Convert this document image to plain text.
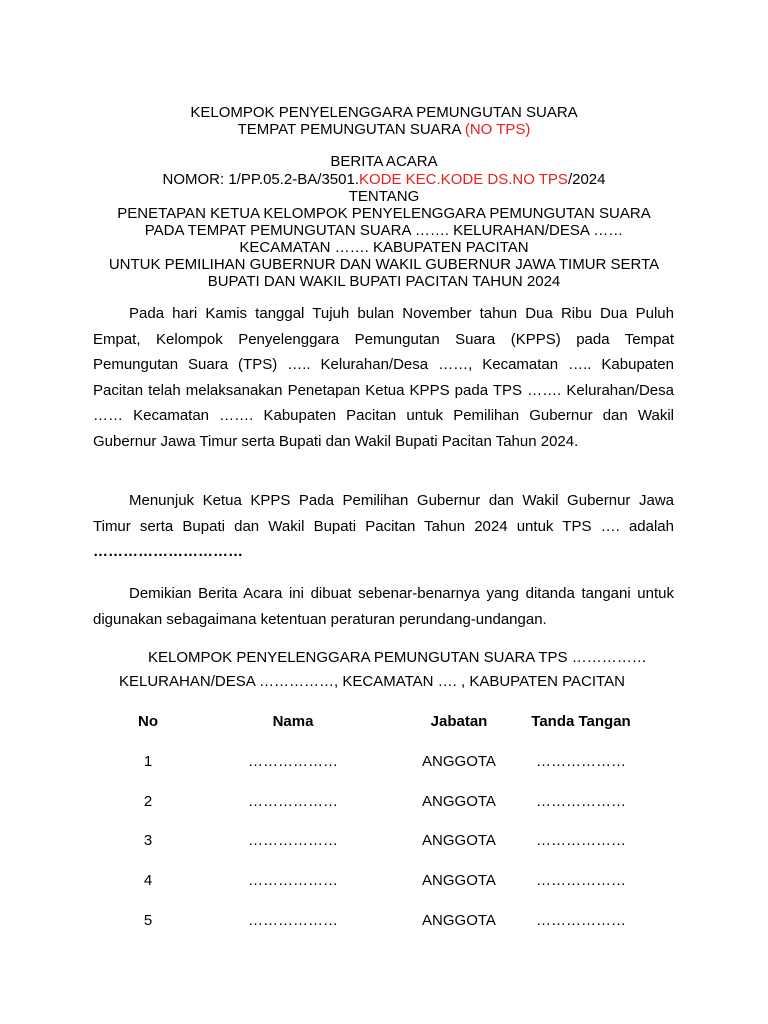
KELOMPOK PENYELENGGARA PEMUNGUTAN SUARA
TEMPAT PEMUNGUTAN SUARA (NO TPS)
BERITA ACARA
NOMOR: 1/PP.05.2-BA/3501.KODE KEC.KODE DS.NO TPS/2024
TENTANG
PENETAPAN KETUA KELOMPOK PENYELENGGARA PEMUNGUTAN SUARA
PADA TEMPAT PEMUNGUTAN SUARA ……. KELURAHAN/DESA ……
KECAMATAN ……. KABUPATEN PACITAN
UNTUK PEMILIHAN GUBERNUR DAN WAKIL GUBERNUR JAWA TIMUR SERTA
BUPATI DAN WAKIL BUPATI PACITAN TAHUN 2024
Pada hari Kamis tanggal Tujuh bulan November tahun Dua Ribu Dua Puluh Empat, Kelompok Penyelenggara Pemungutan Suara (KPPS) pada Tempat Pemungutan Suara (TPS) ….. Kelurahan/Desa ……, Kecamatan ….. Kabupaten Pacitan telah melaksanakan Penetapan Ketua KPPS pada TPS ……. Kelurahan/Desa …… Kecamatan ……. Kabupaten Pacitan untuk Pemilihan Gubernur dan Wakil Gubernur Jawa Timur serta Bupati dan Wakil Bupati Pacitan Tahun 2024.
Menunjuk Ketua KPPS Pada Pemilihan Gubernur dan Wakil Gubernur Jawa Timur serta Bupati dan Wakil Bupati Pacitan Tahun 2024 untuk TPS …. adalah
…………………………
Demikian Berita Acara ini dibuat sebenar-benarnya yang ditanda tangani untuk digunakan sebagaimana ketentuan peraturan perundang-undangan.
KELOMPOK PENYELENGGARA PEMUNGUTAN SUARA TPS ……………
KELURAHAN/DESA ……………, KECAMATAN …. , KABUPATEN PACITAN
No	Nama	Jabatan	Tanda Tangan
1	………………	ANGGOTA	………………
2	………………	ANGGOTA	………………
3	………………	ANGGOTA	………………
4	………………	ANGGOTA	………………
5	………………	ANGGOTA	………………
